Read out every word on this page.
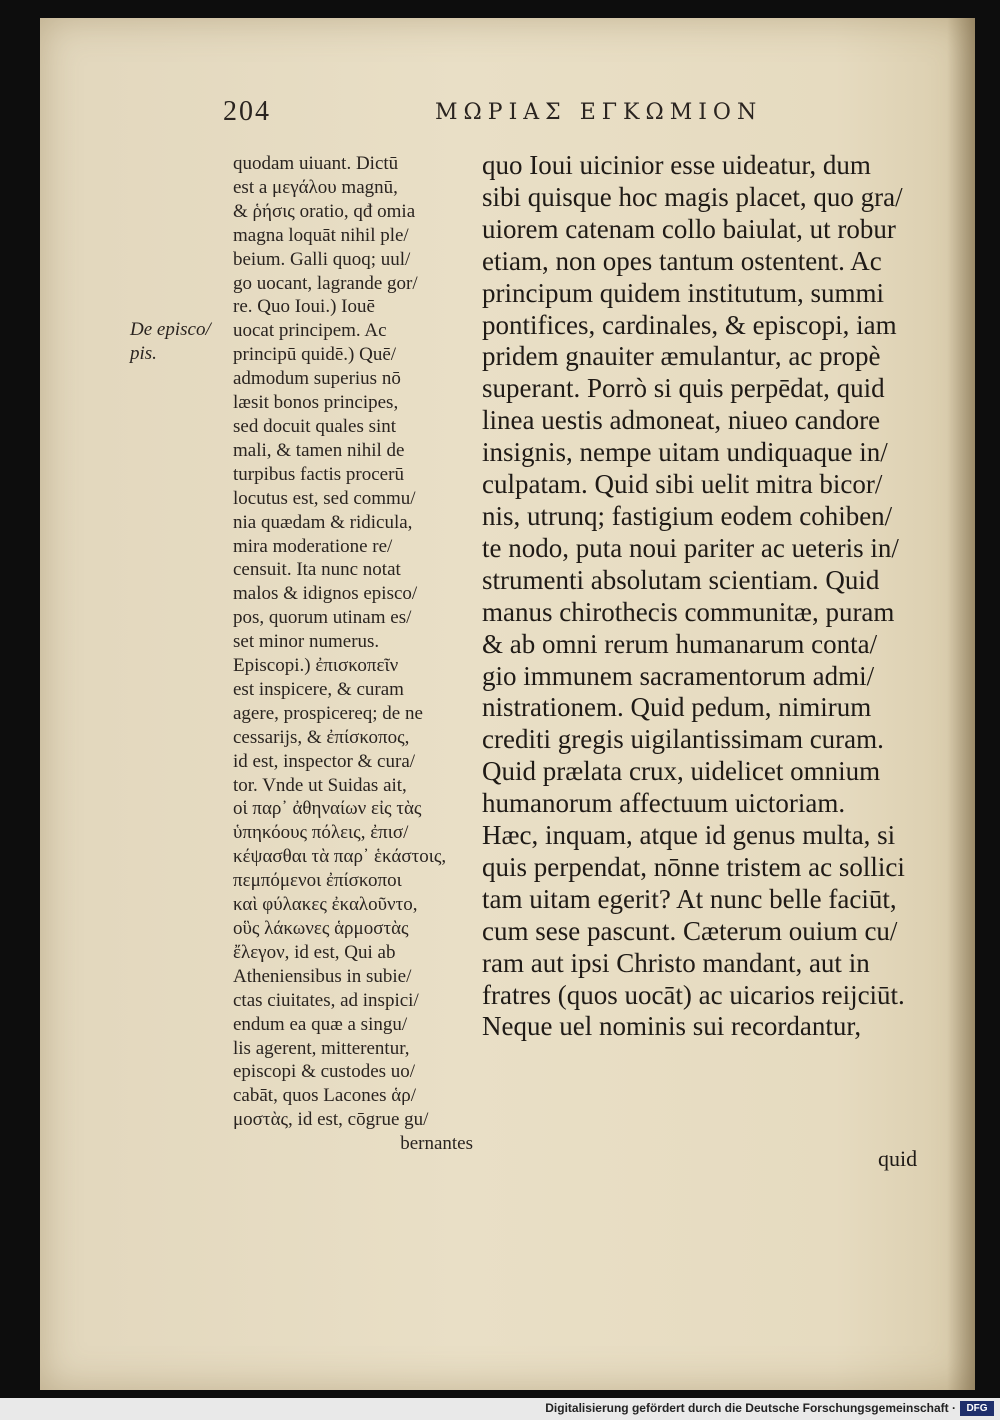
204	ΜΩΡΙΑΣ ΕΓΚΩΜΙΟΝ
De episco/
pis.
quodam uiuant. Dictū
est a μεγάλου magnū,
& ῥήσις oratio, qđ omia
magna loquāt nihil ple/
beium. Galli quoq; uul/
go uocant, lagrande gor/
re. Quo Ioui.) Iouē
uocat principem. Ac
principū quidē.) Quē/
admodum superius nō
læsit bonos principes,
sed docuit quales sint
mali, & tamen nihil de
turpibus factis procerū
locutus est, sed commu/
nia quædam & ridicula,
mira moderatione re/
censuit. Ita nunc notat
malos & idignos episco/
pos, quorum utinam es/
set minor numerus.
Episcopi.) ἐπισκοπεῖν
est inspicere, & curam
agere, prospicereq; de ne
cessarijs, & ἐπίσκοπος,
id est, inspector & cura/
tor. Vnde ut Suidas ait,
οἱ παρ᾽ ἀθηναίων εἰς τὰς
ὑπηκόους πόλεις, ἐπισ/
κέψασθαι τὰ παρ᾽ ἑκάστοις,
πεμπόμενοι ἐπίσκοποι
καὶ φύλακες ἐκαλοῦντο,
οὓς λάκωνες ἁρμοστὰς
ἔλεγον, id est, Qui ab
Atheniensibus in subie/
ctas ciuitates, ad inspici/
endum ea quæ a singu/
lis agerent, mitterentur,
episcopi & custodes uo/
cabāt, quos Lacones ἁρ/
μοστὰς, id est, cōgrue gu/
bernantes
quo Ioui uicinior esse uideatur, dum
sibi quisque hoc magis placet, quo gra/
uiorem catenam collo baiulat, ut robur
etiam, non opes tantum ostentent. Ac
principum quidem institutum, summi
pontifices, cardinales, & episcopi, iam
pridem gnauiter æmulantur, ac propè
superant. Porrò si quis perpēdat, quid
linea uestis admoneat, niueo candore
insignis, nempe uitam undiquaque in/
culpatam. Quid sibi uelit mitra bicor/
nis, utrunq; fastigium eodem cohiben/
te nodo, puta noui pariter ac ueteris in/
strumenti absolutam scientiam. Quid
manus chirothecis communitæ, puram
& ab omni rerum humanarum conta/
gio immunem sacramentorum admi/
nistrationem. Quid pedum, nimirum
crediti gregis uigilantissimam curam.
Quid prælata crux, uidelicet omnium
humanorum affectuum uictoriam.
Hæc, inquam, atque id genus multa, si
quis perpendat, nōnne tristem ac sollici
tam uitam egerit? At nunc belle faciūt,
cum sese pascunt. Cæterum ouium cu/
ram aut ipsi Christo mandant, aut in
fratres (quos uocāt) ac uicarios reijciūt.
Neque uel nominis sui recordantur,
quid
Digitalisierung gefördert durch die Deutsche Forschungsgemeinschaft ·	DFG
